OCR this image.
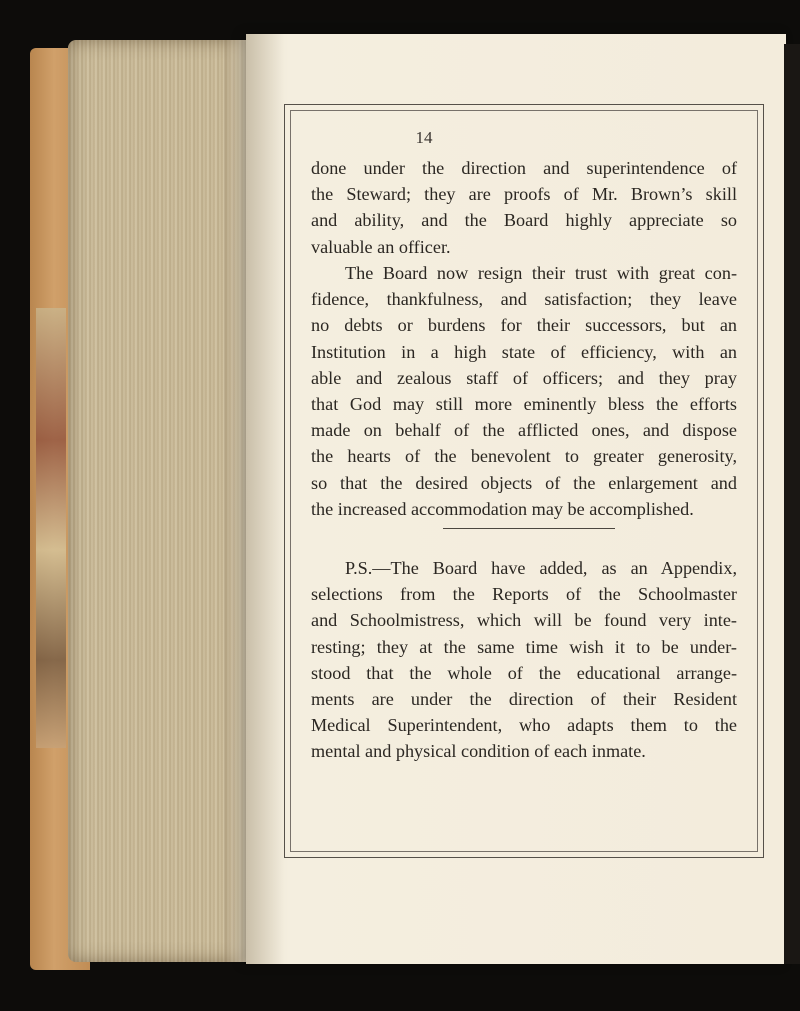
14
done under the direction and superintendence of
the Steward; they are proofs of Mr. Brown’s skill
and ability, and the Board highly appreciate so
valuable an officer.
The Board now resign their trust with great con-
fidence, thankfulness, and satisfaction; they leave
no debts or burdens for their successors, but an
Institution in a high state of efficiency, with an
able and zealous staff of officers; and they pray
that God may still more eminently bless the efforts
made on behalf of the afflicted ones, and dispose
the hearts of the benevolent to greater generosity,
so that the desired objects of the enlargement and
the increased accommodation may be accomplished.
P.S.—The Board have added, as an Appendix,
selections from the Reports of the Schoolmaster
and Schoolmistress, which will be found very inte-
resting; they at the same time wish it to be under-
stood that the whole of the educational arrange-
ments are under the direction of their Resident
Medical Superintendent, who adapts them to the
mental and physical condition of each inmate.
